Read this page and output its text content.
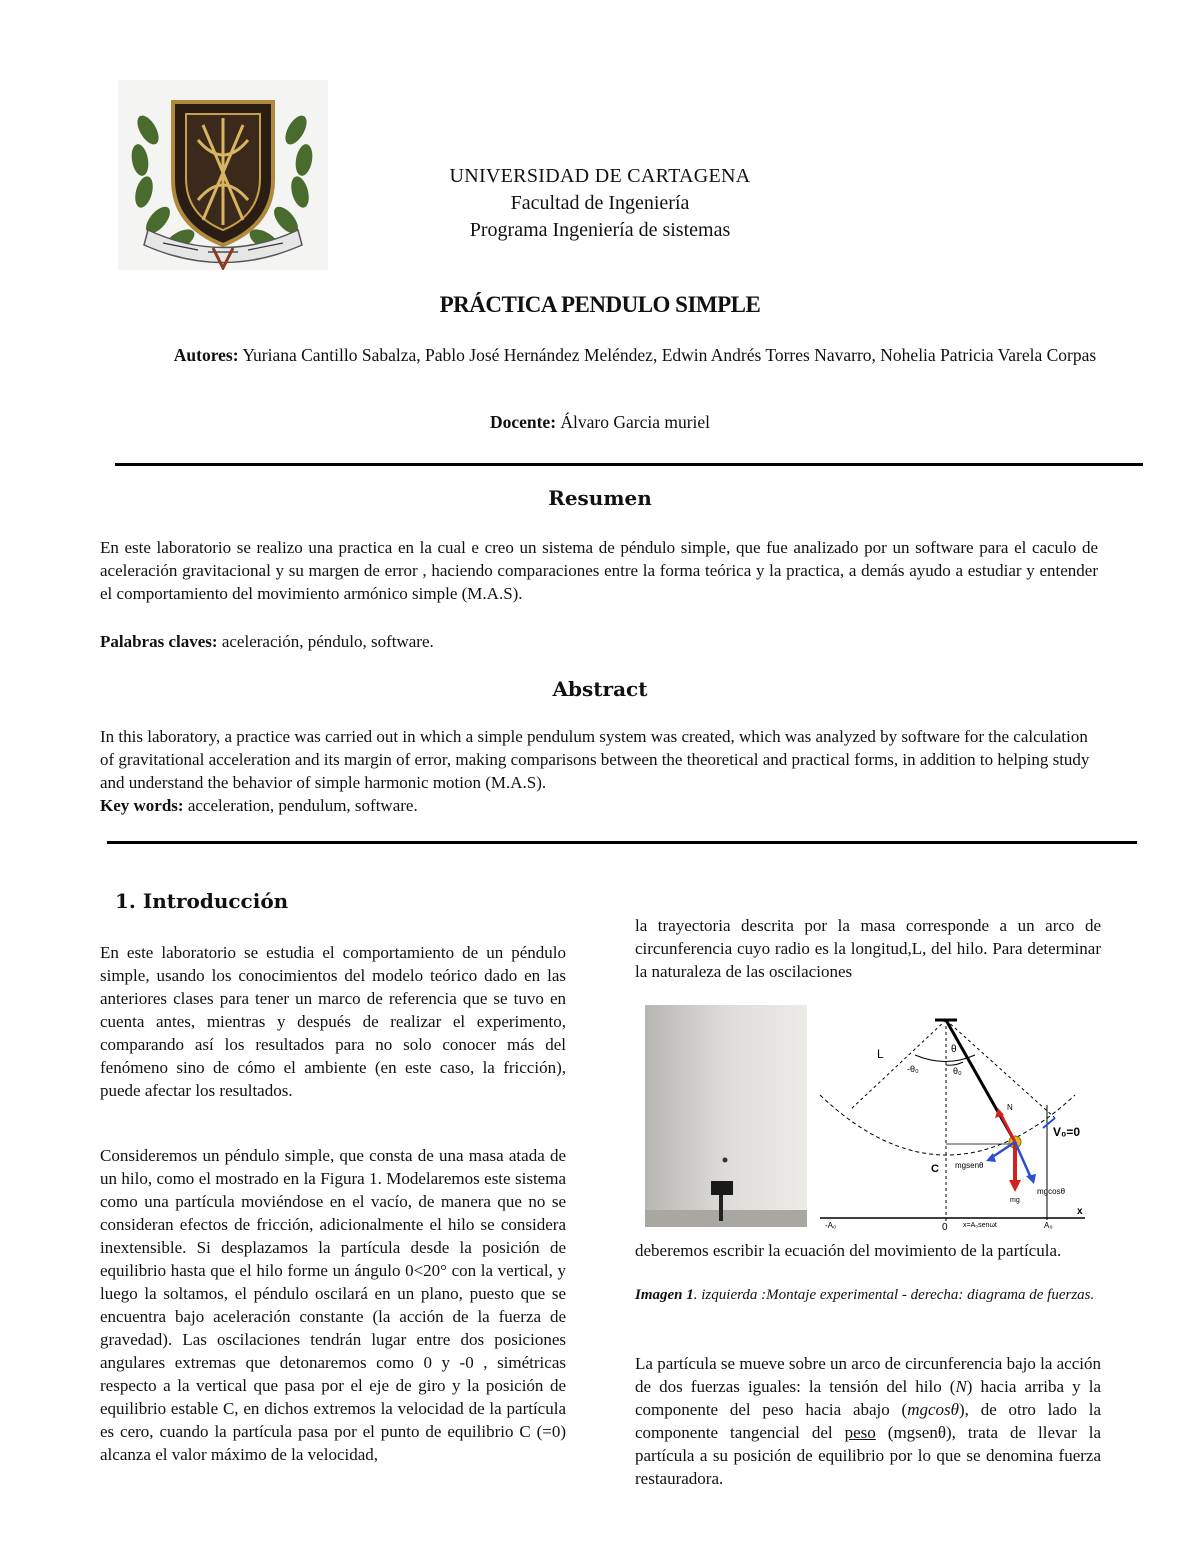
UNIVERSIDAD DE CARTAGENA
Facultad de Ingeniería
Programa Ingeniería de sistemas
PRÁCTICA PENDULO SIMPLE
Autores: Yuriana Cantillo Sabalza, Pablo José Hernández Meléndez, Edwin Andrés Torres Navarro, Nohelia Patricia Varela Corpas
Docente: Álvaro Garcia muriel
Resumen
En este laboratorio se realizo una practica en la cual e creo un sistema de péndulo simple, que fue analizado por un software para el caculo de aceleración gravitacional y su margen de error , haciendo comparaciones entre la forma teórica y la practica, a demás ayudo a estudiar y entender el comportamiento del movimiento armónico simple (M.A.S).
Palabras claves: aceleración, péndulo, software.
Abstract
In this laboratory, a practice was carried out in which a simple pendulum system was created, which was analyzed by software for the calculation of gravitational acceleration and its margin of error, making comparisons between the theoretical and practical forms, in addition to helping study and understand the behavior of simple harmonic motion (M.A.S).
Key words: acceleration, pendulum, software.
1. Introducción
En este laboratorio se estudia el comportamiento de un péndulo simple, usando los conocimientos del modelo teórico dado en las anteriores clases para tener un marco de referencia que se tuvo en cuenta antes, mientras y después de realizar el experimento, comparando así los resultados para no solo conocer más del fenómeno sino de cómo el ambiente (en este caso, la fricción), puede afectar los resultados.
Consideremos un péndulo simple, que consta de una masa atada de un hilo, como el mostrado en la Figura 1. Modelaremos este sistema como una partícula moviéndose en el vacío, de manera que no se consideran efectos de fricción, adicionalmente el hilo se considera inextensible. Si desplazamos la partícula desde la posición de equilibrio hasta que el hilo forme un ángulo 0<20° con la vertical, y luego la soltamos, el péndulo oscilará en un plano, puesto que se encuentra bajo aceleración constante (la acción de la fuerza de gravedad). Las oscilaciones tendrán lugar entre dos posiciones angulares extremas que detonaremos como 0 y -0 , simétricas respecto a la vertical que pasa por el eje de giro y la posición de equilibrio estable C, en dichos extremos la velocidad de la partícula es cero, cuando la partícula pasa por el punto de equilibrio C (=0) alcanza el valor máximo de la velocidad,
la trayectoria descrita por la masa corresponde a un arco de circunferencia cuyo radio es la longitud,L, del hilo. Para determinar la naturaleza de las oscilaciones
L
-θ₀
θ
θ₀
N
V₀=0
C mgsenθ
mgcosθ
mg
-A₀	0 x=A₀senωt	A₀
x
deberemos escribir la ecuación del movimiento de la partícula.
Imagen 1. izquierda :Montaje experimental - derecha: diagrama de fuerzas.
La partícula se mueve sobre un arco de circunferencia bajo la acción de dos fuerzas iguales: la tensión del hilo (N) hacia arriba y la componente del peso hacia abajo (mgcosθ), de otro lado la componente tangencial del peso (mgsenθ), trata de llevar la partícula a su posición de equilibrio por lo que se denomina fuerza restauradora.
